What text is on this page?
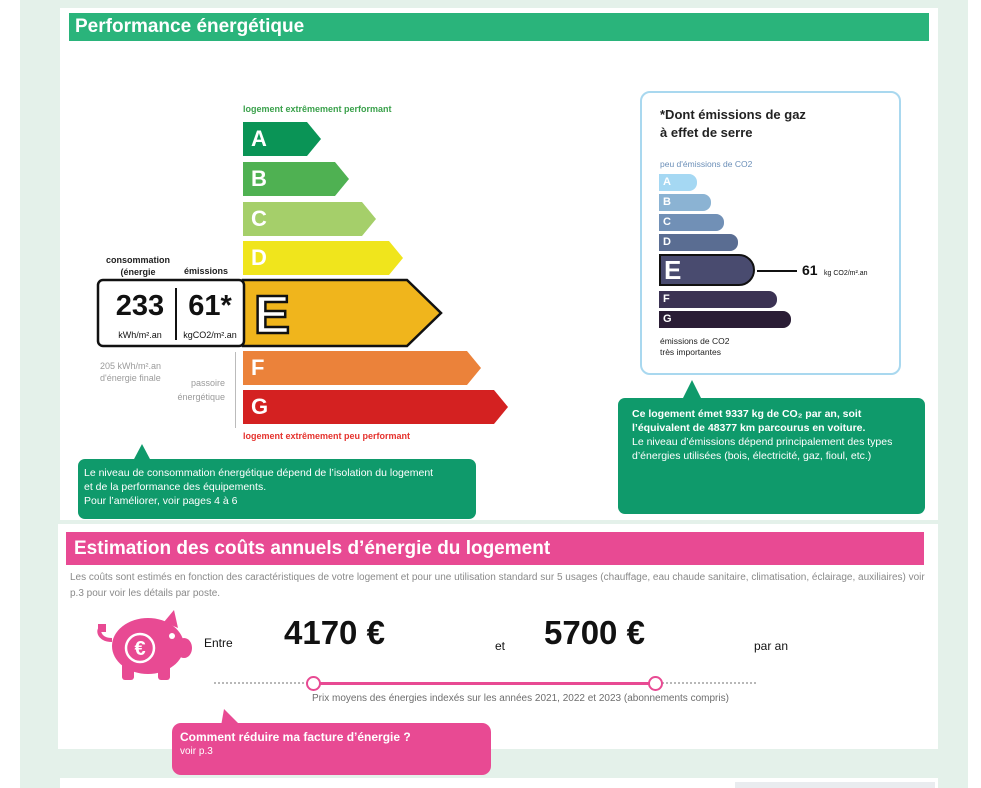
Performance énergétique
logement extrêmement performant
A
B
C
D
F
G
consommation
(énergie	émissions
E
233
kWh/m².an
61*
kgCO2/m².an
205 kWh/m².an
d'énergie finale	passoire
énergétique
logement extrêmement peu performant
Le niveau de consommation énergétique dépend de l’isolation du logement
et de la performance des équipements.
Pour l’améliorer, voir pages 4 à 6
*Dont émissions de gaz
à effet de serre
peu d'émissions de CO2
A
B
C
D
E
F
G
61 kg CO2/m².an
émissions de CO2
très importantes
Ce logement émet 9337 kg de CO₂ par an, soit
l’équivalent de 48377 km parcourus en voiture.
Le niveau d’émissions dépend principalement des types
d’énergies utilisées (bois, électricité, gaz, fioul, etc.)
Estimation des coûts annuels d’énergie du logement
Les coûts sont estimés en fonction des caractéristiques de votre logement et pour une utilisation standard sur 5 usages (chauffage, eau chaude sanitaire, climatisation, éclairage, auxiliaires) voir p.3 pour voir les détails par poste.
€	Entre 4170 €	et 5700 €	par an
Prix moyens des énergies indexés sur les années 2021, 2022 et 2023 (abonnements compris)
Comment réduire ma facture d’énergie ?
voir p.3
